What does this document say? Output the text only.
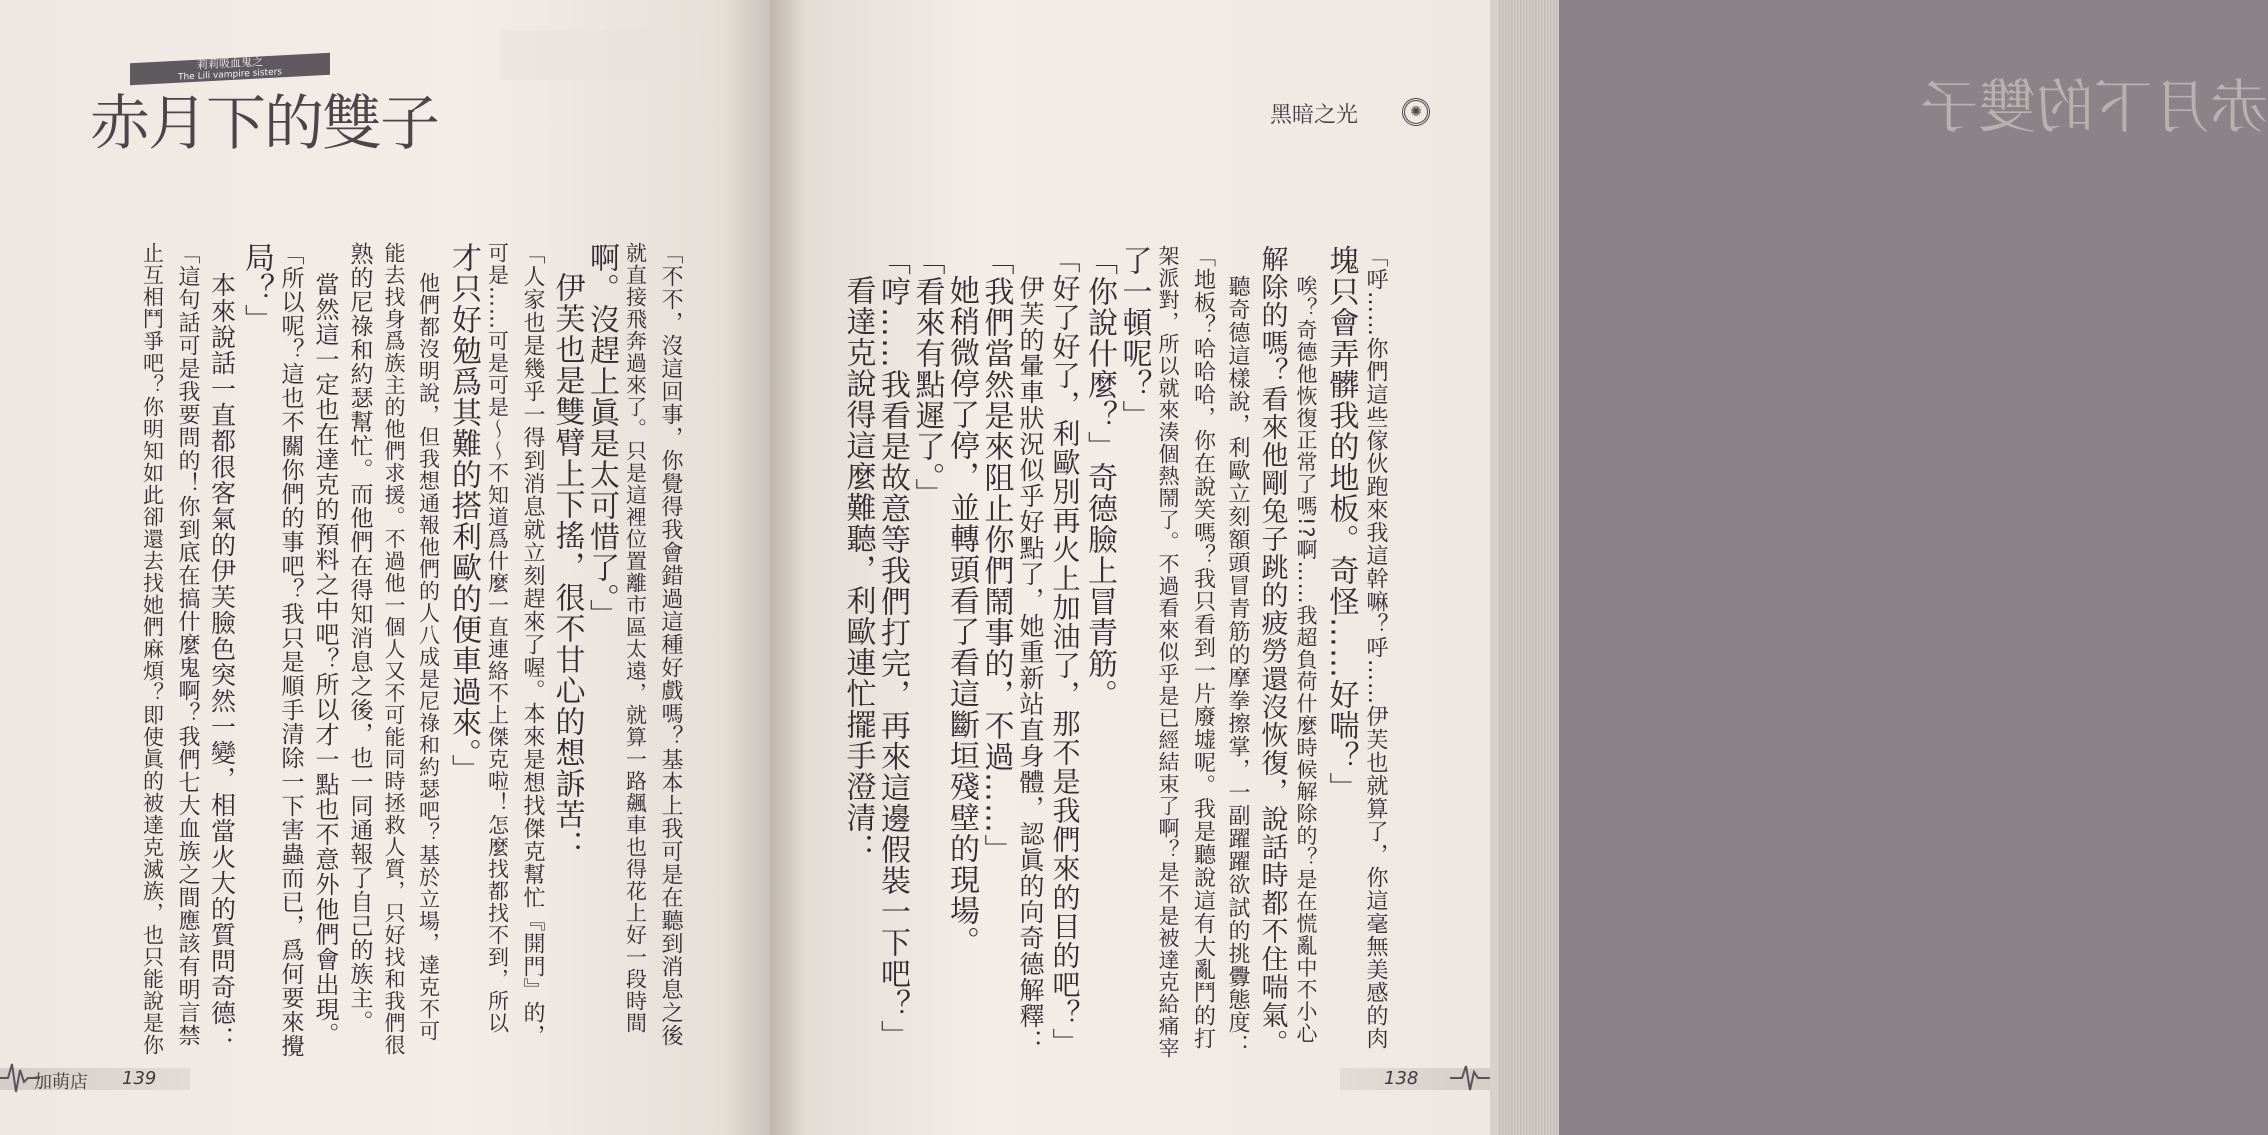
莉莉吸血鬼之
The Lili vampire sisters
赤月下的雙子
「不不，沒這回事，你覺得我會錯過這種好戲嗎？基本上我可是在聽到消息之後
就直接飛奔過來了。只是這裡位置離市區太遠，就算一路飆車也得花上好一段時間
啊。沒趕上眞是太可惜了。」
伊芙也是雙臂上下搖，很不甘心的想訴苦：
「人家也是幾乎一得到消息就立刻趕來了喔。本來是想找傑克幫忙『開門』的，
可是……可是可是～～不知道爲什麼一直連絡不上傑克啦！怎麼找都找不到，所以
才只好勉爲其難的搭利歐的便車過來。」
他們都沒明說，但我想通報他們的人八成是尼祿和約瑟吧？基於立場，達克不可
能去找身爲族主的他們求援。不過他一個人又不可能同時拯救人質，只好找和我們很
熟的尼祿和約瑟幫忙。而他們在得知消息之後，也一同通報了自己的族主。
當然這一定也在達克的預料之中吧？所以才一點也不意外他們會出現。
「所以呢？這也不關你們的事吧？我只是順手清除一下害蟲而已，爲何要來攪
局？」
本來說話一直都很客氣的伊芙臉色突然一變，相當火大的質問奇德：
「這句話可是我要問的！你到底在搞什麼鬼啊？我們七大血族之間應該有明言禁
止互相鬥爭吧？你明知如此卻還去找她們麻煩？即使眞的被達克滅族，也只能說是你
加萌店 139
赤月下的雙子
「呼……你們這些傢伙跑來我這幹嘛？呼……伊芙也就算了，你這毫無美感的肉
塊只會弄髒我的地板。奇怪……好喘？」
唉？奇德他恢復正常了嗎!?啊……我超負荷什麼時候解除的？是在慌亂中不小心
解除的嗎？看來他剛兔子跳的疲勞還沒恢復，說話時都不住喘氣。
聽奇德這樣說，利歐立刻額頭冒青筋的摩拳擦掌，一副躍躍欲試的挑釁態度：
「地板？哈哈哈，你在說笑嗎？我只看到一片廢墟呢。我是聽說這有大亂鬥的打
架派對，所以就來湊個熱鬧了。不過看來似乎是已經結束了啊？是不是被達克給痛宰
了一頓呢？」
「你說什麼？」奇德臉上冒青筋。
「好了好了，利歐別再火上加油了，那不是我們來的目的吧？」
伊芙的暈車狀況似乎好點了，她重新站直身體，認眞的向奇德解釋：
「我們當然是來阻止你們鬧事的，不過……」
她稍微停了停，並轉頭看了看這斷垣殘壁的現場。
「看來有點遲了。」
「哼……我看是故意等我們打完，再來這邊假裝一下吧？」
看達克說得這麼難聽，利歐連忙擺手澄清：
黑暗之光	✺
138
